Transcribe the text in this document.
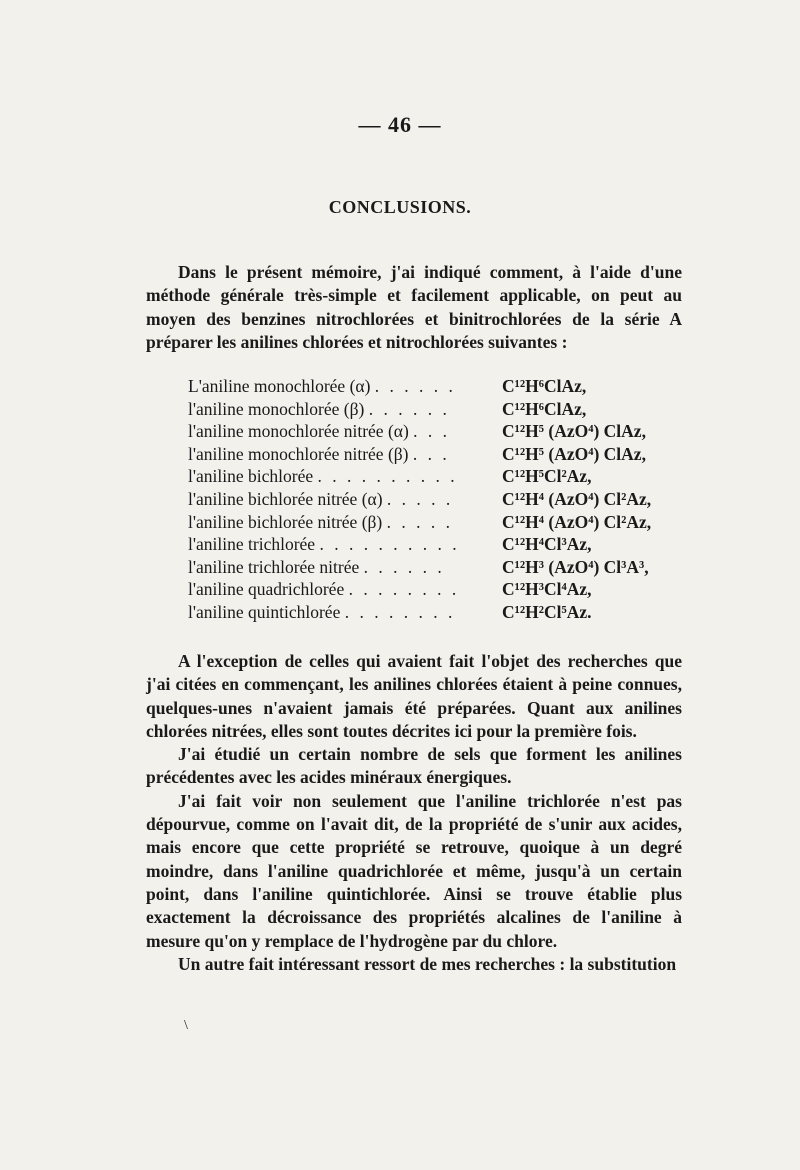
— 46 —
CONCLUSIONS.

Dans le présent mémoire, j'ai indiqué comment, à l'aide d'une méthode générale très-simple et facilement applicable, on peut au moyen des benzines nitrochlorées et binitrochlorées de la série A préparer les anilines chlorées et nitrochlorées suivantes :

L'aniline monochlorée (α) . . . . . .	C¹²H⁶ClAz,
l'aniline monochlorée (β) . . . . . .	C¹²H⁶ClAz,
l'aniline monochlorée nitrée (α) . . .	C¹²H⁵ (AzO⁴) ClAz,
l'aniline monochlorée nitrée (β) . . .	C¹²H⁵ (AzO⁴) ClAz,
l'aniline bichlorée . . . . . . . . . .	C¹²H⁵Cl²Az,
l'aniline bichlorée nitrée (α) . . . . .	C¹²H⁴ (AzO⁴) Cl²Az,
l'aniline bichlorée nitrée (β) . . . . .	C¹²H⁴ (AzO⁴) Cl²Az,
l'aniline trichlorée . . . . . . . . . . C¹²H⁴Cl³Az,
l'aniline trichlorée nitrée . . . . . .	C¹²H³ (AzO⁴) Cl³A³,
l'aniline quadrichlorée . . . . . . . . C¹²H³Cl⁴Az,
l'aniline quintichlorée . . . . . . . .	C¹²H²Cl⁵Az.

A l'exception de celles qui avaient fait l'objet des recherches que j'ai citées en commençant, les anilines chlorées étaient à peine connues, quelques-unes n'avaient jamais été préparées. Quant aux anilines chlorées nitrées, elles sont toutes décrites ici pour la première fois.

J'ai étudié un certain nombre de sels que forment les anilines précédentes avec les acides minéraux énergiques.

J'ai fait voir non seulement que l'aniline trichlorée n'est pas dépourvue, comme on l'avait dit, de la propriété de s'unir aux acides, mais encore que cette propriété se retrouve, quoique à un degré moindre, dans l'aniline quadrichlorée et même, jusqu'à un certain point, dans l'aniline quintichlorée. Ainsi se trouve établie plus exactement la décroissance des propriétés alcalines de l'aniline à mesure qu'on y remplace de l'hydrogène par du chlore.

Un autre fait intéressant ressort de mes recherches : la substitution

\
